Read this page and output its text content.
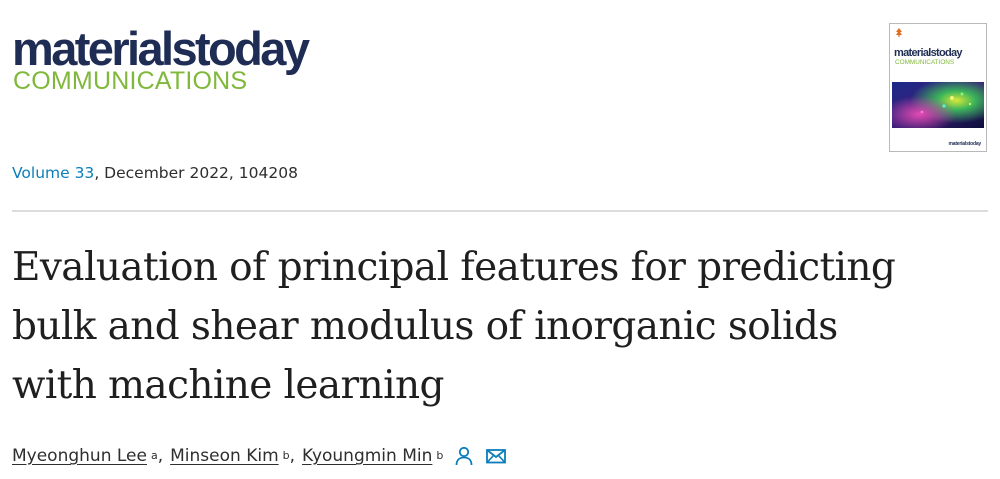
materialstoday
COMMUNICATIONS
materialstoday
COMMUNICATIONS
materialstoday
Volume 33, December 2022, 104208
Evaluation of principal features for predicting
bulk and shear modulus of inorganic solids
with machine learning
Myeonghun Lee a , Minseon Kim b , Kyoungmin Min b
